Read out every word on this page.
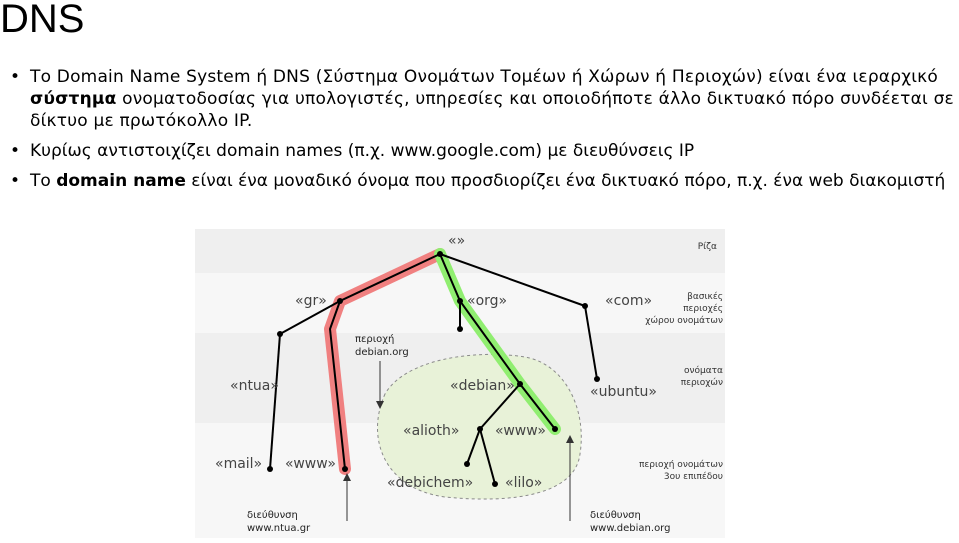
DNS
• Το Domain Name System ή DNS (Σύστημα Ονομάτων Τομέων ή Χώρων ή Περιοχών) είναι ένα ιεραρχικό σύστημα ονοματοδοσίας για υπολογιστές, υπηρεσίες και οποιοδήποτε άλλο δικτυακό πόρο συνδέεται σε δίκτυο με πρωτόκολλο IP.
• Κυρίως αντιστοιχίζει domain names (π.χ. www.google.com) με διευθύνσεις IP
• Το domain name είναι ένα μοναδικό όνομα που προσδιορίζει ένα δικτυακό πόρο, π.χ. ένα web διακομιστή
«»
«gr»	«org»	«com»
«ntua»	«debian»	«ubuntu»
«alioth»	«www»
«mail» «www»
«debichem» «lilo»
Ρίζα
βασικές
περιοχές
χώρου ονομάτων
ονόματα
περιοχών
περιοχή ονομάτων
3ου επιπέδου
περιοχή
debian.org
διεύθυνση
www.ntua.gr
διεύθυνση
www.debian.org
